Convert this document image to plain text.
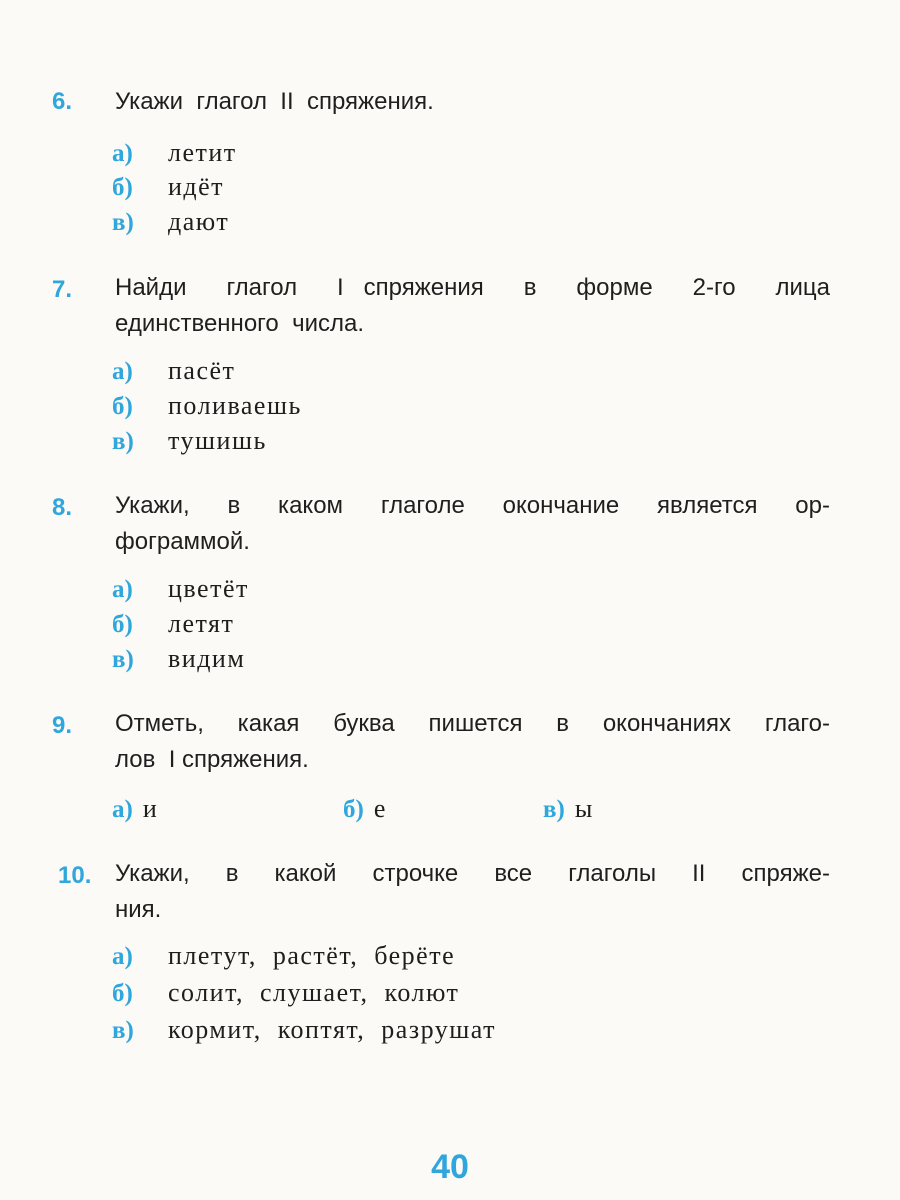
6. Укажи  глагол  II  спряжения.
а) летит
б) идёт
в) дают
7. Найди  глагол  I спряжения  в  форме  2-го  лица
единственного  числа.
а) пасёт
б) поливаешь
в) тушишь
8. Укажи,  в  каком  глаголе  окончание  является  ор-
фограммой.
а) цветёт
б) летят
в) видим
9. Отметь,  какая  буква  пишется  в  окончаниях  глаго-
лов  I спряжения.
а) и	б) е	в) ы
10. Укажи,  в  какой  строчке  все  глаголы  II  спряже-
ния.
а) плетут,  растёт,  берёте
б) солит,  слушает,  колют
в) кормит,  коптят,  разрушат
40
